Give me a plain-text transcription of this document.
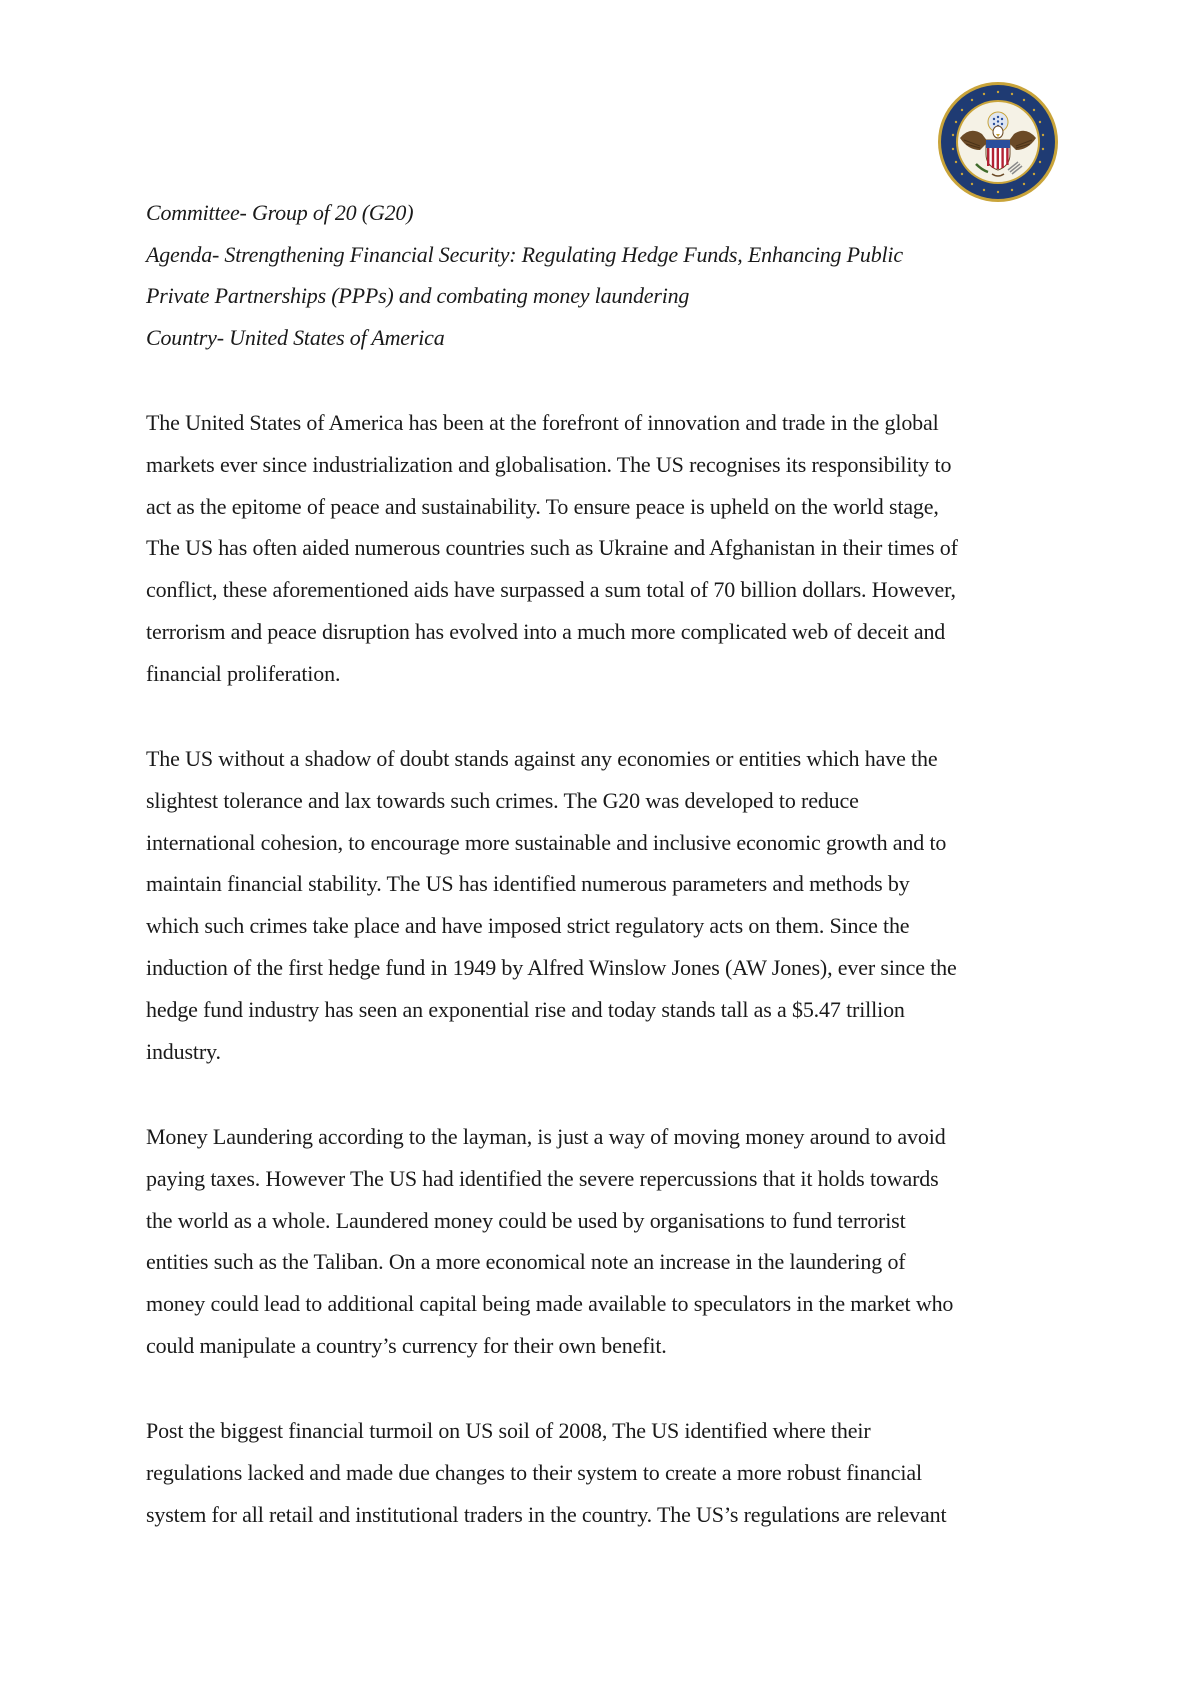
Committee- Group of 20 (G20)
Agenda- Strengthening Financial Security: Regulating Hedge Funds, Enhancing Public
Private Partnerships (PPPs) and combating money laundering
Country- United States of America
The United States of America has been at the forefront of innovation and trade in the global
markets ever since industrialization and globalisation. The US recognises its responsibility to
act as the epitome of peace and sustainability. To ensure peace is upheld on the world stage,
The US has often aided numerous countries such as Ukraine and Afghanistan in their times of
conflict, these aforementioned aids have surpassed a sum total of 70 billion dollars. However,
terrorism and peace disruption has evolved into a much more complicated web of deceit and
financial proliferation.
The US without a shadow of doubt stands against any economies or entities which have the
slightest tolerance and lax towards such crimes. The G20 was developed to reduce
international cohesion, to encourage more sustainable and inclusive economic growth and to
maintain financial stability. The US has identified numerous parameters and methods by
which such crimes take place and have imposed strict regulatory acts on them. Since the
induction of the first hedge fund in 1949 by Alfred Winslow Jones (AW Jones), ever since the
hedge fund industry has seen an exponential rise and today stands tall as a $5.47 trillion
industry.
Money Laundering according to the layman, is just a way of moving money around to avoid
paying taxes. However The US had identified the severe repercussions that it holds towards
the world as a whole. Laundered money could be used by organisations to fund terrorist
entities such as the Taliban. On a more economical note an increase in the laundering of
money could lead to additional capital being made available to speculators in the market who
could manipulate a country’s currency for their own benefit.
Post the biggest financial turmoil on US soil of 2008, The US identified where their
regulations lacked and made due changes to their system to create a more robust financial
system for all retail and institutional traders in the country. The US’s regulations are relevant
